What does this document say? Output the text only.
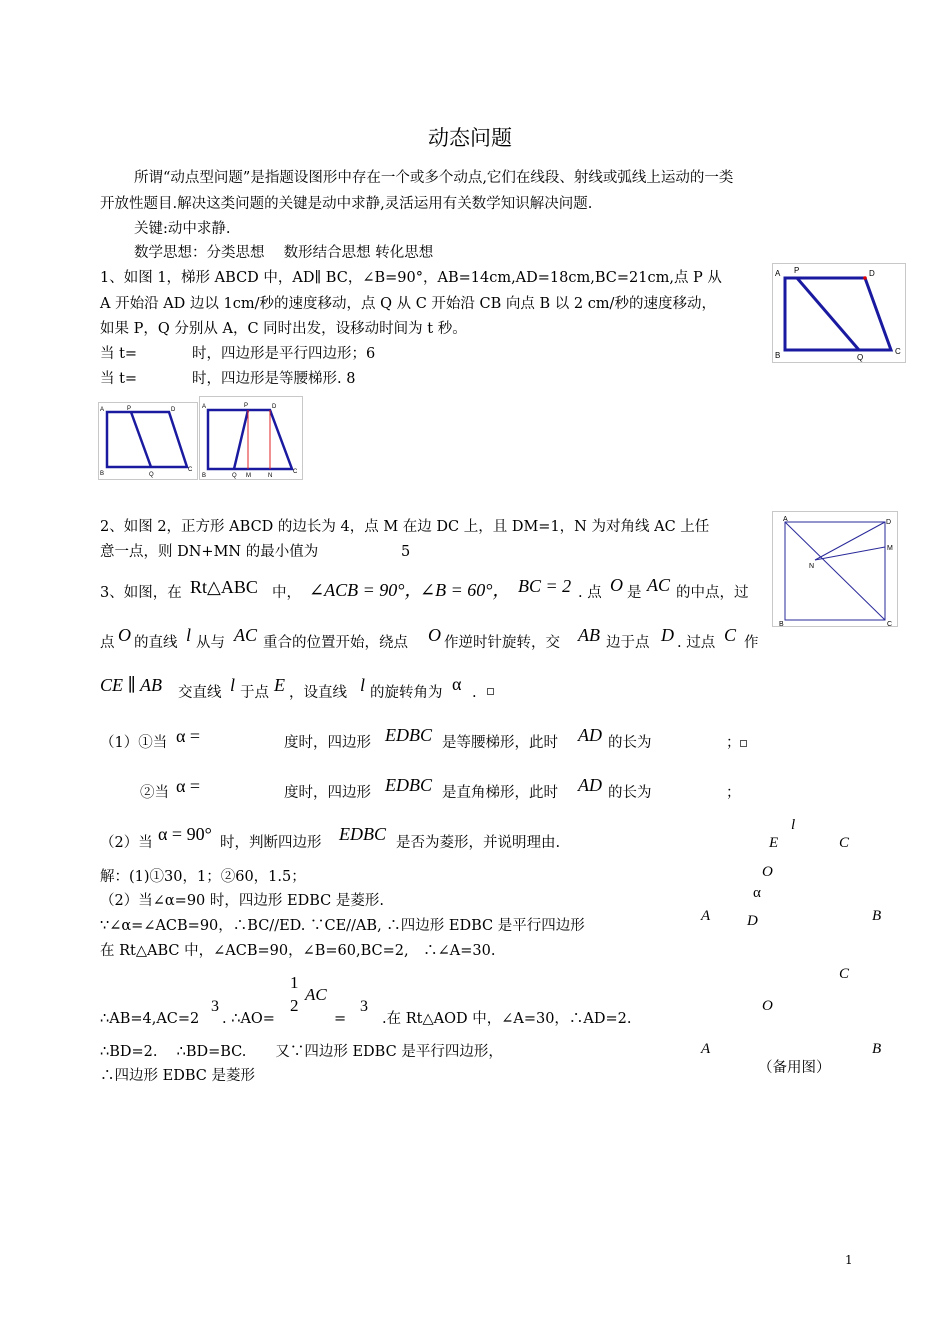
动态问题
所谓“动点型问题”是指题设图形中存在一个或多个动点,它们在线段、射线或弧线上运动的一类
开放性题目.解决这类问题的关键是动中求静,灵活运用有关数学知识解决问题.
关键:动中求静.
数学思想：分类思想　 数形结合思想 转化思想
1、如图 1，梯形 ABCD 中，AD∥ BC，∠B=90°，AB=14cm,AD=18cm,BC=21cm,点 P 从
A 开始沿 AD 边以 1cm/秒的速度移动，点 Q 从 C 开始沿 CB 向点 B 以 2 cm/秒的速度移动，
如果 P，Q 分别从 A，C 同时出发，设移动时间为 t 秒。
当 t=	时，四边形是平行四边形；6
当 t=	时，四边形是等腰梯形. 8
A P	D
B	Q
C
A	P	D
B	Q
C
A	P	D
B	Q M	N
C
2、如图 2，正方形 ABCD 的边长为 4，点 M 在边 DC 上，且 DM=1，N 为对角线 AC 上任
意一点，则 DN+MN 的最小值为	5
A	D
M
N
B	C
3、如图，在 Rt△ABC 中， ∠ACB = 90°，
∠B = 60°， BC = 2 . 点 O 是 AC 的中点，过
点 O 的直线 l 从与 AC 重合的位置开始，绕点 O 作逆时针旋转，交 AB 边于点 D . 过点 C 作
CE ∥ AB 交直线 l 于点 E ，设直线 l 的旋转角为 α .
（1）①当 α =	度时，四边形 EDBC 是等腰梯形，此时 AD 的长为	；
②当 α =	度时，四边形 EDBC 是直角梯形，此时 AD 的长为	；
（2）当 α = 90° 时，判断四边形 EDBC 是否为菱形，并说明理由.
解：(1)①30，1；②60，1.5；
（2）当∠α=90 时，四边形 EDBC 是菱形.
∵∠α=∠ACB=90，∴BC//ED. ∵CE//AB, ∴四边形 EDBC 是平行四边形
在 Rt△ABC 中，∠ACB=90，∠B=60,BC=2,　∴∠A=30.
1
2
AC
∴AB=4,AC=2
3
. ∴AO=	=
3
.在 Rt△AOD 中，∠A=30，∴AD=2.
∴BD=2.　 ∴BD=BC.　　又∵四边形 EDBC 是平行四边形，
∴四边形 EDBC 是菱形
l
E	C
O
α
A D	B
C
O
A	B
（备用图）
1
